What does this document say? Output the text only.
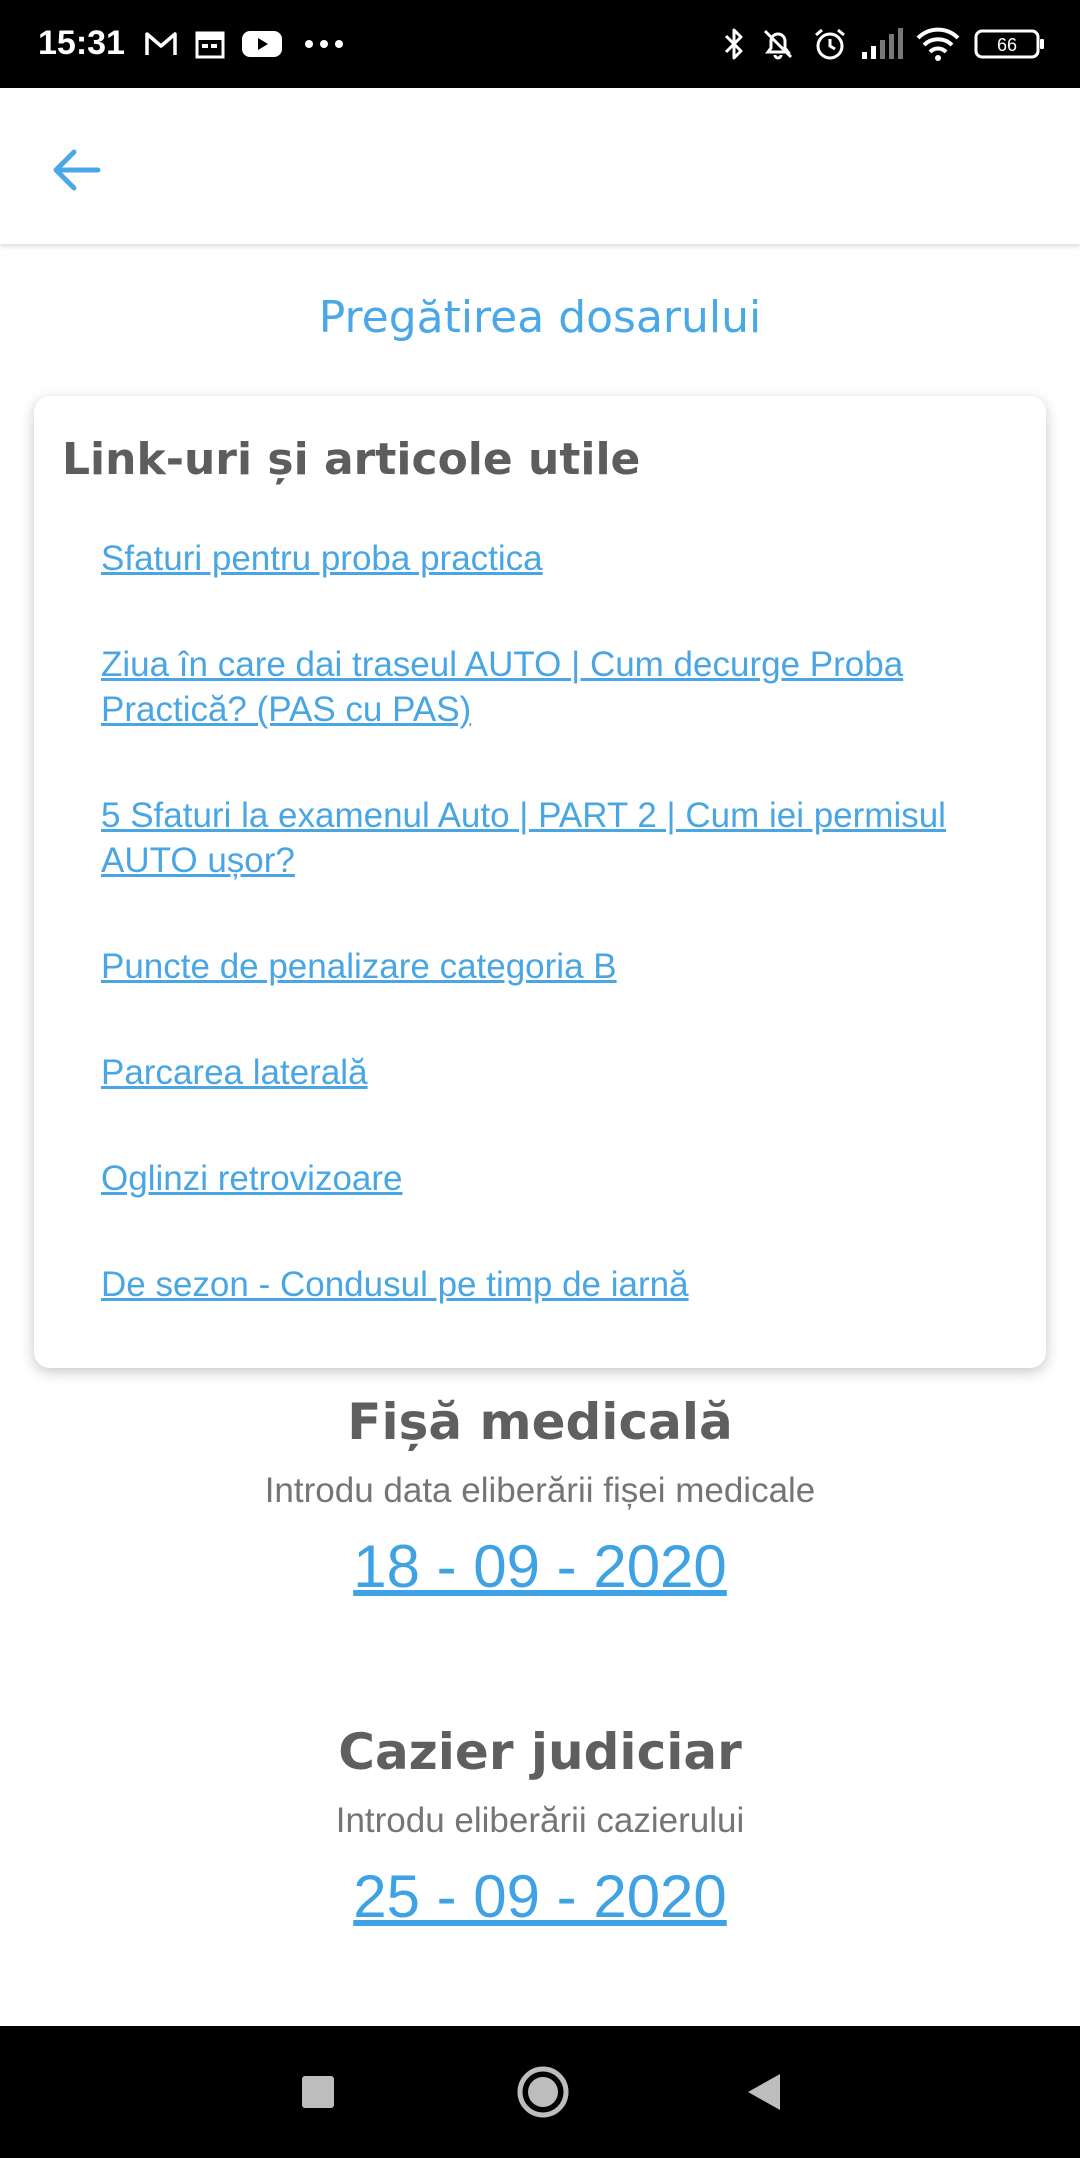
15:31	66
Pregătirea dosarului
Link-uri și articole utile
Sfaturi pentru proba practica
Ziua în care dai traseul AUTO | Cum decurge Proba Practică? (PAS cu PAS)
5 Sfaturi la examenul Auto | PART 2 | Cum iei permisul AUTO ușor?
Puncte de penalizare categoria B
Parcarea laterală
Oglinzi retrovizoare
De sezon - Condusul pe timp de iarnă
Fișă medicală
Introdu data eliberării fișei medicale
18 - 09 - 2020
Cazier judiciar
Introdu eliberării cazierului
25 - 09 - 2020
